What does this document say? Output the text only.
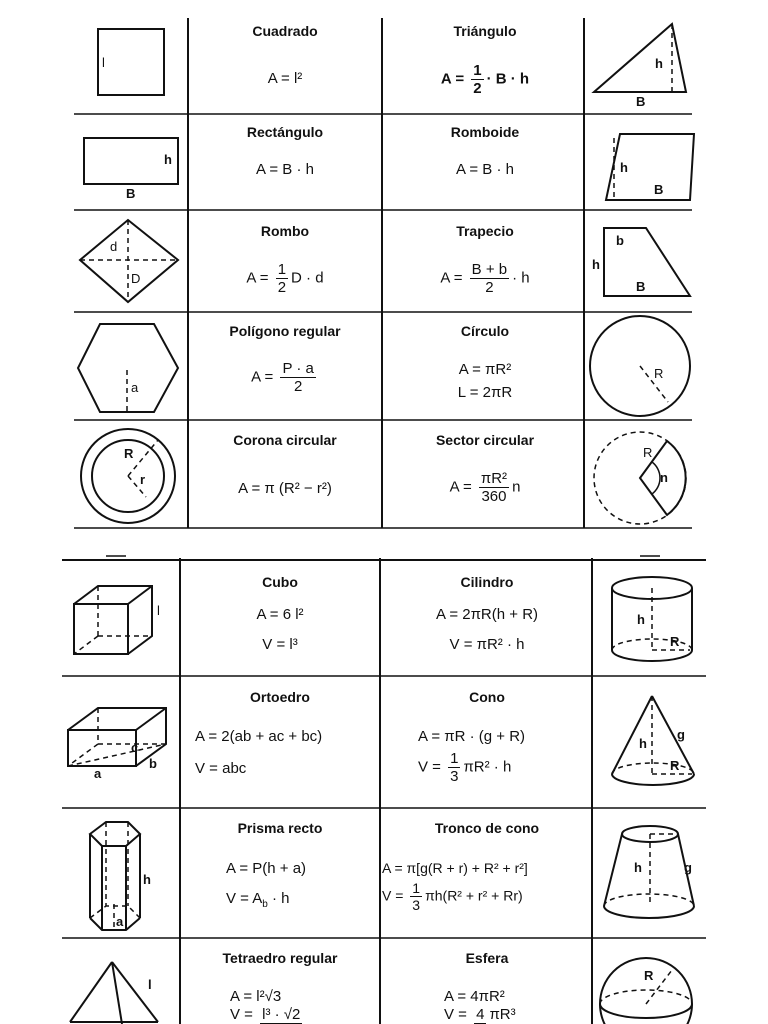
l
Cuadrado
A = l²
Triángulo
$A = \frac{1}{2} \cdot B \cdot h$
h
B
h
B
Rectángulo
A = B · h
Romboide
A = B · h	h
B
d
D
Rombo
$A = \frac{1}{2}$ D · d
Trapecio
$A = \frac{B + b}{2} \cdot h$
b
h
B
a
Polígono regular
$A = \frac{P \cdot a}{2}$
Círculo
A = πR²
L = 2πR
R
R
r
Corona circular
A = π (R² − r²)
Sector circular
$A = \frac{\text{πR²}}{360}$ n
R
n
l
Cubo
A = 6 l²
V = l³
Cilindro
A = 2πR(h + R)
V = πR² · h
h
R
c
a
b
Ortoedro
A = 2(ab + ac + bc)
V = abc
Cono
A = πR · (g + R)
$V = \frac{1}{3} \pi R^2 \cdot h$
h
g
R
h
a
Prisma recto
A = P(h + a)
$V = A_b \cdot h$
Tronco de cono
A = π[g(R + r) + R² + r²]
$V = \frac{1}{3} \pi h(R^2 + r^2 + Rr)$
h	g
l
Tetraedro regular
A = l²√3
V = l³ · √2
Esfera
A = 4πR²
V = 4 πR³
R
